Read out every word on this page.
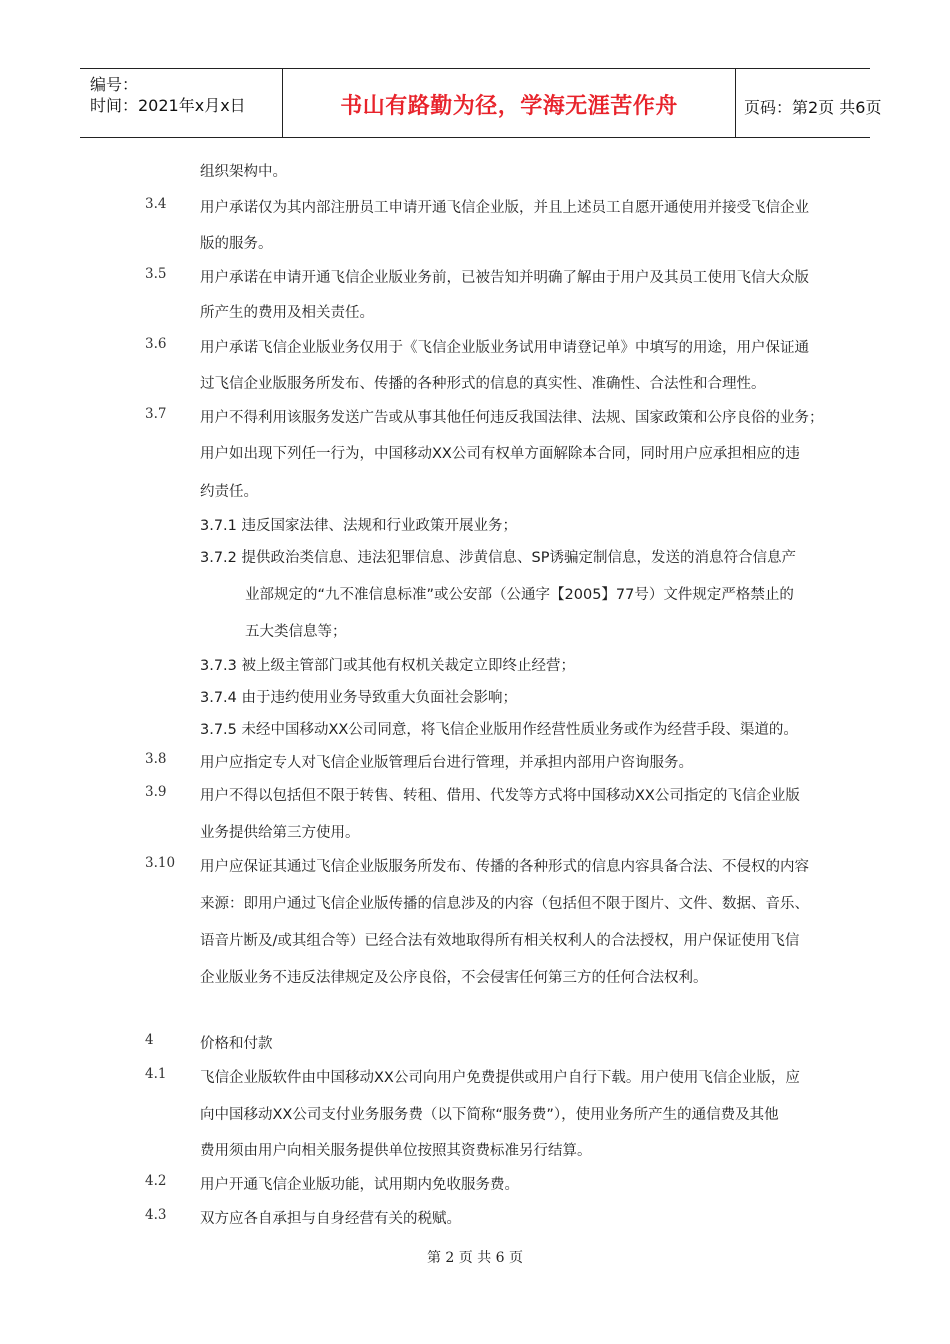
编号：
时间：2021年x月x日	书山有路勤为径，学海无涯苦作舟	页码：第2页 共6页
组织架构中。
3.4 用户承诺仅为其内部注册员工申请开通飞信企业版，并且上述员工自愿开通使用并接受飞信企业
版的服务。
3.5 用户承诺在申请开通飞信企业版业务前，已被告知并明确了解由于用户及其员工使用飞信大众版
所产生的费用及相关责任。
3.6 用户承诺飞信企业版业务仅用于《飞信企业版业务试用申请登记单》中填写的用途，用户保证通
过飞信企业版服务所发布、传播的各种形式的信息的真实性、准确性、合法性和合理性。
3.7 用户不得利用该服务发送广告或从事其他任何违反我国法律、法规、国家政策和公序良俗的业务；
用户如出现下列任一行为，中国移动XX公司有权单方面解除本合同，同时用户应承担相应的违
约责任。
3.7.1 违反国家法律、法规和行业政策开展业务；
3.7.2 提供政治类信息、违法犯罪信息、涉黄信息、SP诱骗定制信息，发送的消息符合信息产
业部规定的“九不准信息标准”或公安部（公通字【2005】77号）文件规定严格禁止的
五大类信息等；
3.7.3 被上级主管部门或其他有权机关裁定立即终止经营；
3.7.4 由于违约使用业务导致重大负面社会影响；
3.7.5 未经中国移动XX公司同意，将飞信企业版用作经营性质业务或作为经营手段、渠道的。
3.8 用户应指定专人对飞信企业版管理后台进行管理，并承担内部用户咨询服务。
3.9 用户不得以包括但不限于转售、转租、借用、代发等方式将中国移动XX公司指定的飞信企业版
业务提供给第三方使用。
3.10 用户应保证其通过飞信企业版服务所发布、传播的各种形式的信息内容具备合法、不侵权的内容
来源：即用户通过飞信企业版传播的信息涉及的内容（包括但不限于图片、文件、数据、音乐、
语音片断及/或其组合等）已经合法有效地取得所有相关权利人的合法授权，用户保证使用飞信
企业版业务不违反法律规定及公序良俗，不会侵害任何第三方的任何合法权利。
4	价格和付款
4.1 飞信企业版软件由中国移动XX公司向用户免费提供或用户自行下载。用户使用飞信企业版，应
向中国移动XX公司支付业务服务费（以下简称“服务费”），使用业务所产生的通信费及其他
费用须由用户向相关服务提供单位按照其资费标准另行结算。
4.2 用户开通飞信企业版功能，试用期内免收服务费。
4.3 双方应各自承担与自身经营有关的税赋。
第 2 页 共 6 页
